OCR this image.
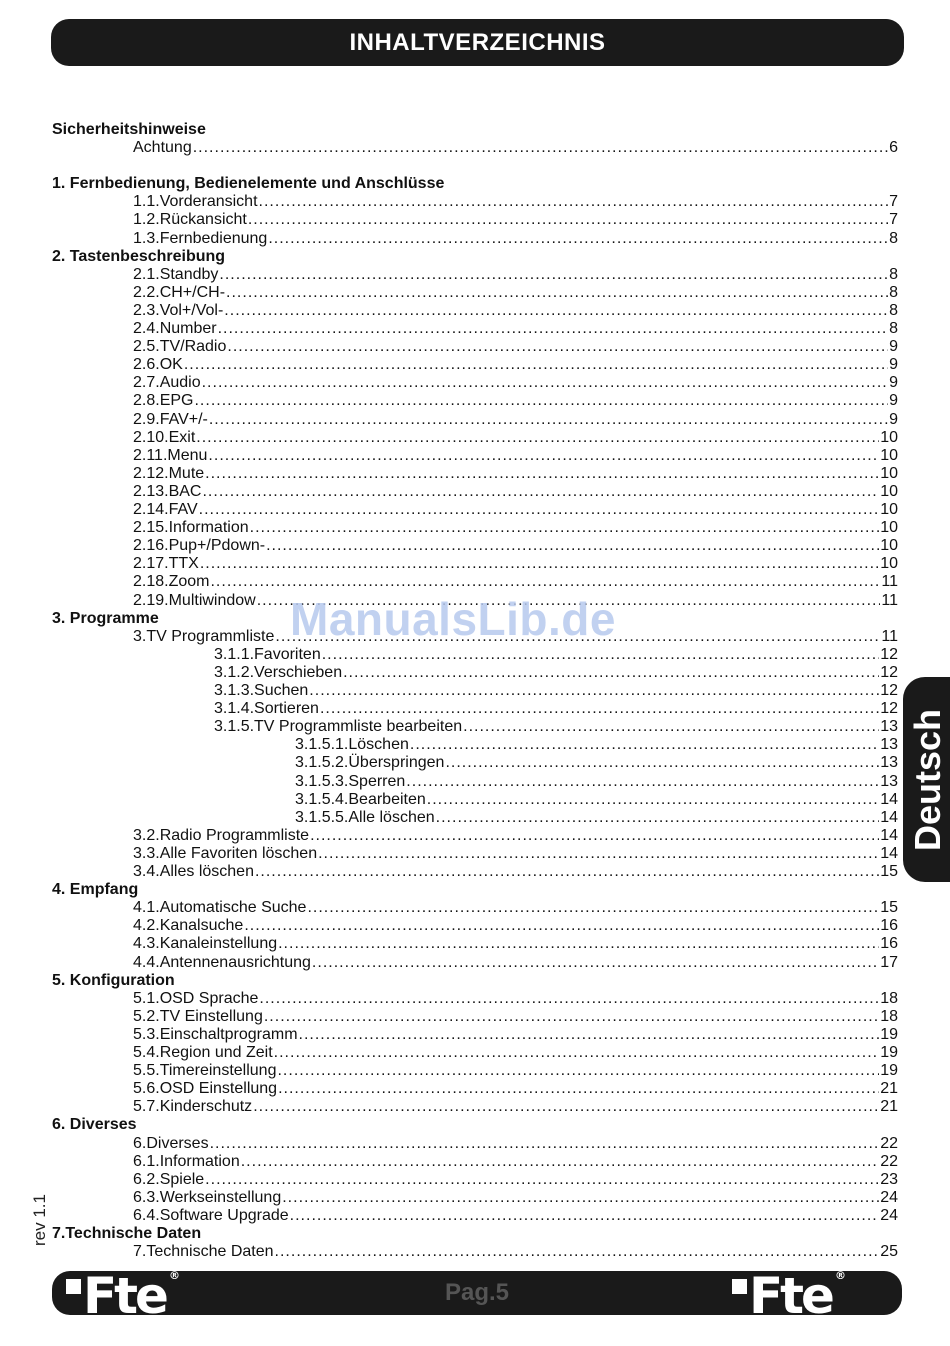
INHALTVERZEICHNIS
Sicherheitshinweise
Achtung .....	6
1. Fernbedienung, Bedienelemente und Anschlüsse
1.1.Vorderansicht .....	7
1.2.Rückansicht .....	7
1.3.Fernbedienung .....	8
2. Tastenbeschreibung
2.1.Standby .....	8
2.2.CH+/CH- .....	8
2.3.Vol+/Vol- .....	8
2.4.Number .....	8
2.5.TV/Radio .....	9
2.6.OK .....	9
2.7.Audio .....	9
2.8.EPG .....	9
2.9.FAV+/- .....	9
2.10.Exit .....	10
2.11.Menu .....	10
2.12.Mute .....	10
2.13.BAC .....	10
2.14.FAV .....	10
2.15.Information .....	10
2.16.Pup+/Pdown- .....	10
2.17.TTX .....	10
2.18.Zoom .....	11
2.19.Multiwindow .....	11
3. Programme
3.TV Programmliste .....	11
3.1.1.Favoriten .....	12
3.1.2.Verschieben .....	12
3.1.3.Suchen .....	12
3.1.4.Sortieren .....	12
3.1.5.TV Programmliste bearbeiten .....	13
3.1.5.1.Löschen .....	13
3.1.5.2.Überspringen .....	13
3.1.5.3.Sperren .....	13
3.1.5.4.Bearbeiten .....	14
3.1.5.5.Alle löschen .....	14
3.2.Radio Programmliste .....	14
3.3.Alle Favoriten löschen .....	14
3.4.Alles löschen .....	15
4. Empfang
4.1.Automatische Suche .....	15
4.2.Kanalsuche .....	16
4.3.Kanaleinstellung .....	16
4.4.Antennenausrichtung .....	17
5. Konfiguration
5.1.OSD Sprache .....	18
5.2.TV Einstellung .....	18
5.3.Einschaltprogramm .....	19
5.4.Region und Zeit .....	19
5.5.Timereinstellung .....	19
5.6.OSD Einstellung .....	21
5.7.Kinderschutz .....	21
6. Diverses
6.Diverses .....	22
6.1.Information .....	22
6.2.Spiele .....	23
6.3.Werkseinstellung .....	24
6.4.Software Upgrade .....	24
7.Technische Daten
7.Technische Daten .....	25
ManualsLib.de
Deutsch
rev 1.1
Fte ®
Pag.5	Fte ®
